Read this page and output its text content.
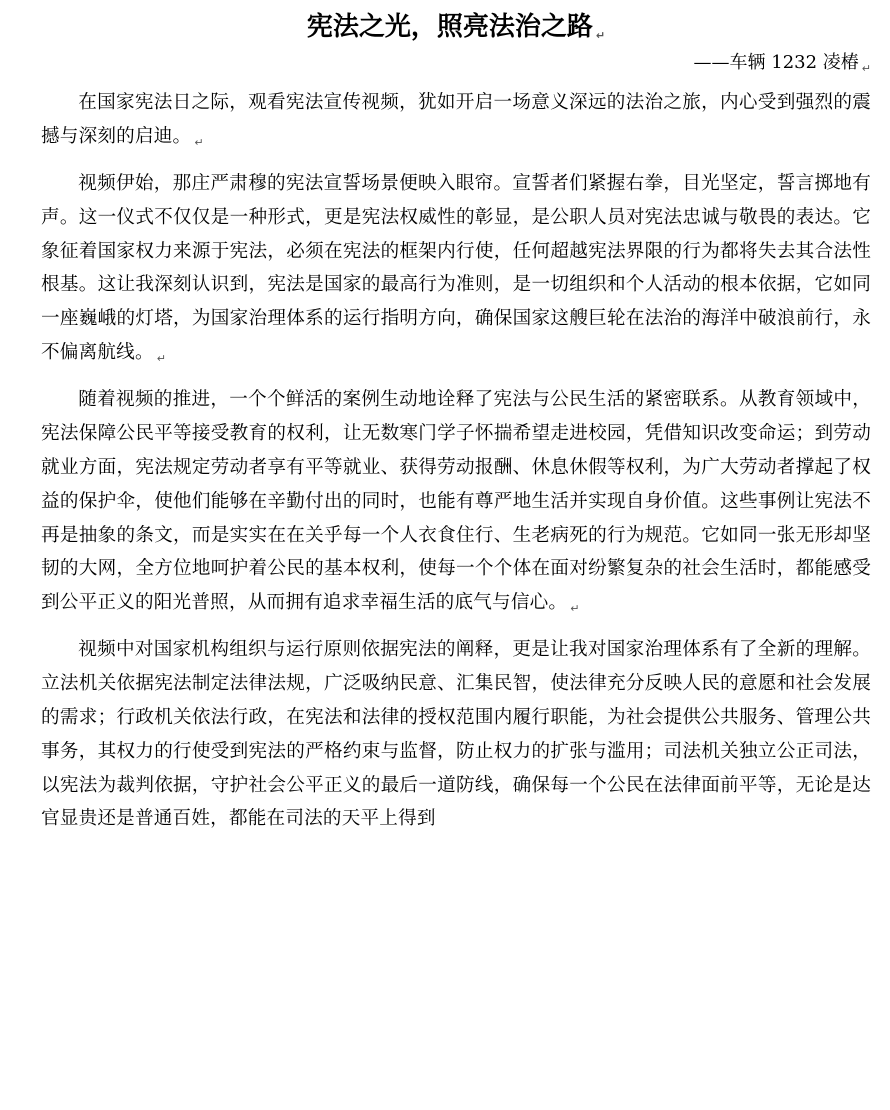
宪法之光，照亮法治之路 ↵
——车辆 1232 凌椿 $_↵$

在国家宪法日之际，观看宪法宣传视频，犹如开启一场意义深远的法治之旅，内心受到强烈的震撼与深刻的启迪。 $_↵$

视频伊始，那庄严肃穆的宪法宣誓场景便映入眼帘。宣誓者们紧握右拳，目光坚定，誓言掷地有声。这一仪式不仅仅是一种形式，更是宪法权威性的彰显，是公职人员对宪法忠诚与敬畏的表达。它象征着国家权力来源于宪法，必须在宪法的框架内行使，任何超越宪法界限的行为都将失去其合法性根基。这让我深刻认识到，宪法是国家的最高行为准则，是一切组织和个人活动的根本依据，它如同一座巍峨的灯塔，为国家治理体系的运行指明方向，确保国家这艘巨轮在法治的海洋中破浪前行，永不偏离航线。 $_↵$

随着视频的推进，一个个鲜活的案例生动地诠释了宪法与公民生活的紧密联系。从教育领域中，宪法保障公民平等接受教育的权利，让无数寒门学子怀揣希望走进校园，凭借知识改变命运；到劳动就业方面，宪法规定劳动者享有平等就业、获得劳动报酬、休息休假等权利，为广大劳动者撑起了权益的保护伞，使他们能够在辛勤付出的同时，也能有尊严地生活并实现自身价值。这些事例让宪法不再是抽象的条文，而是实实在在关乎每一个人衣食住行、生老病死的行为规范。它如同一张无形却坚韧的大网，全方位地呵护着公民的基本权利，使每一个个体在面对纷繁复杂的社会生活时，都能感受到公平正义的阳光普照，从而拥有追求幸福生活的底气与信心。 $_↵$

视频中对国家机构组织与运行原则依据宪法的阐释，更是让我对国家治理体系有了全新的理解。立法机关依据宪法制定法律法规，广泛吸纳民意、汇集民智，使法律充分反映人民的意愿和社会发展的需求；行政机关依法行政，在宪法和法律的授权范围内履行职能，为社会提供公共服务、管理公共事务，其权力的行使受到宪法的严格约束与监督，防止权力的扩张与滥用；司法机关独立公正司法，以宪法为裁判依据，守护社会公平正义的最后一道防线，确保每一个公民在法律面前平等，无论是达官显贵还是普通百姓，都能在司法的天平上得到
